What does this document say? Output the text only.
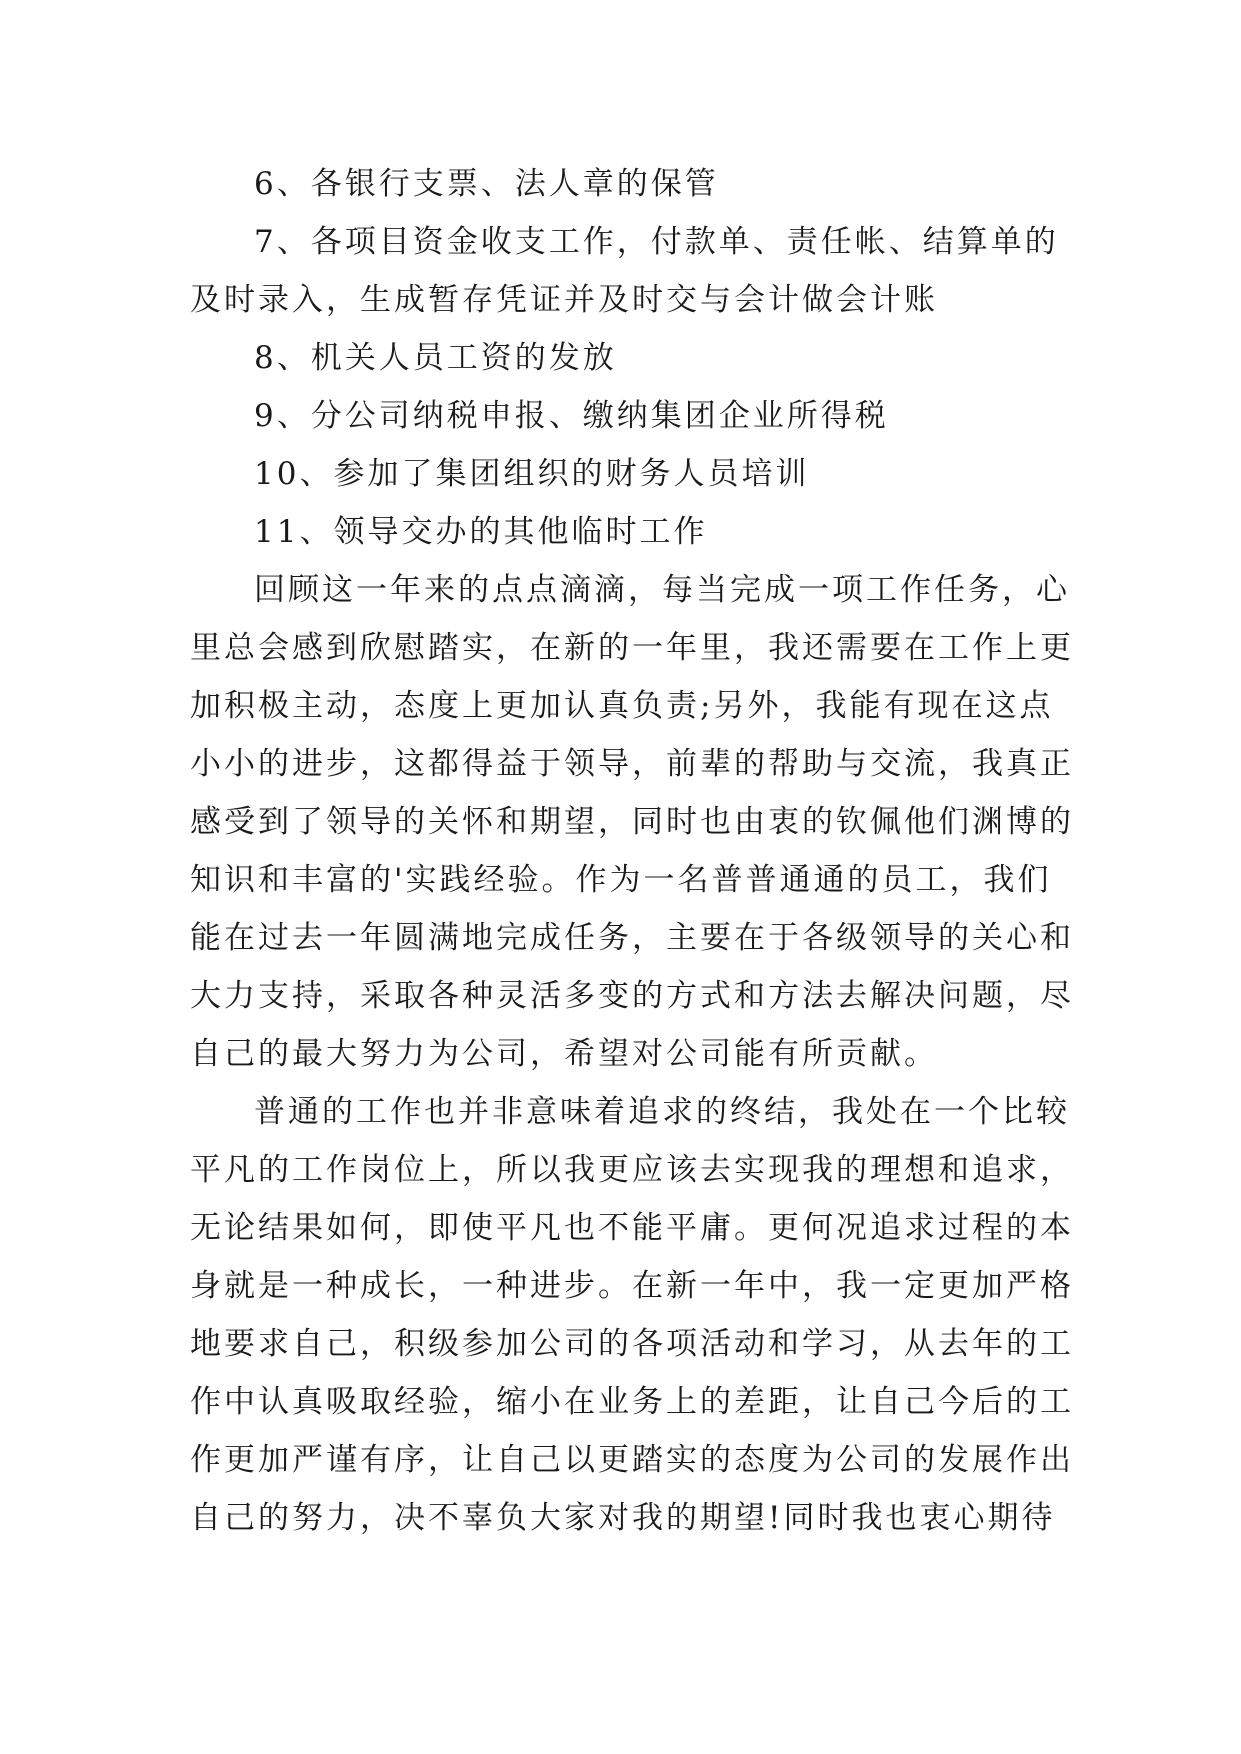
6、各银行支票、法人章的保管
7、各项目资金收支工作，付款单、责任帐、结算单的
及时录入，生成暂存凭证并及时交与会计做会计账
8、机关人员工资的发放
9、分公司纳税申报、缴纳集团企业所得税
10、参加了集团组织的财务人员培训
11、领导交办的其他临时工作
回顾这一年来的点点滴滴，每当完成一项工作任务，心
里总会感到欣慰踏实，在新的一年里，我还需要在工作上更
加积极主动，态度上更加认真负责;另外，我能有现在这点
小小的进步，这都得益于领导，前辈的帮助与交流，我真正
感受到了领导的关怀和期望，同时也由衷的钦佩他们渊博的
知识和丰富的'实践经验。作为一名普普通通的员工，我们
能在过去一年圆满地完成任务，主要在于各级领导的关心和
大力支持，采取各种灵活多变的方式和方法去解决问题，尽
自己的最大努力为公司，希望对公司能有所贡献。
普通的工作也并非意味着追求的终结，我处在一个比较
平凡的工作岗位上，所以我更应该去实现我的理想和追求，
无论结果如何，即使平凡也不能平庸。更何况追求过程的本
身就是一种成长，一种进步。在新一年中，我一定更加严格
地要求自己，积级参加公司的各项活动和学习，从去年的工
作中认真吸取经验，缩小在业务上的差距，让自己今后的工
作更加严谨有序，让自己以更踏实的态度为公司的发展作出
自己的努力，决不辜负大家对我的期望!同时我也衷心期待
